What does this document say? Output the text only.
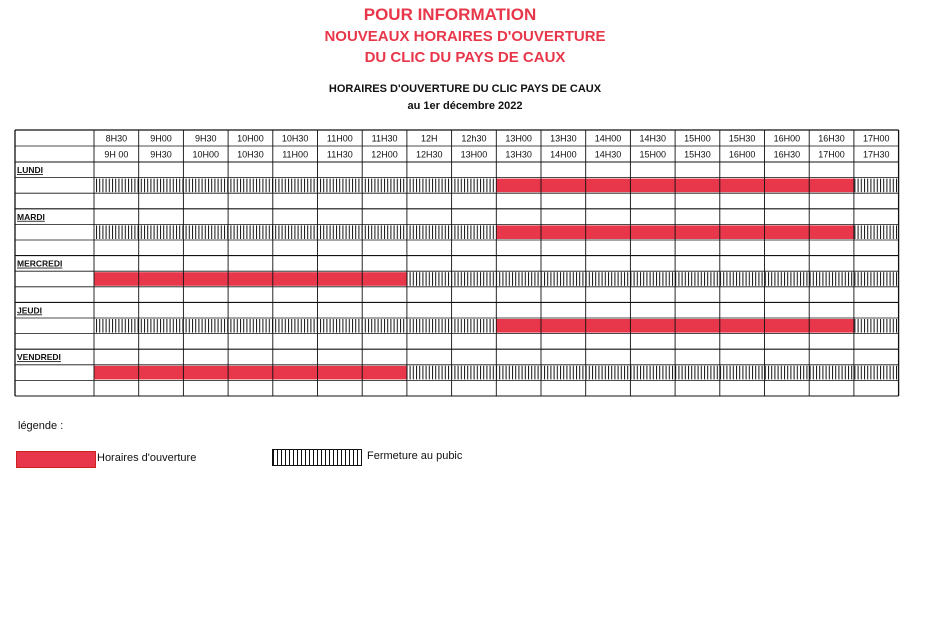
POUR INFORMATION
NOUVEAUX HORAIRES D'OUVERTURE
DU CLIC DU PAYS DE CAUX
HORAIRES D'OUVERTURE DU CLIC PAYS DE CAUX
au 1er décembre 2022
8H30
9H 00
9H00
9H30
9H30
10H00
10H00
10H30
10H30
11H00
11H00
11H30
11H30
12H00
12H
12H30
12h30
13H00
13H00
13H30
13H30
14H00
14H00
14H30
14H30
15H00
15H00
15H30
15H30
16H00
16H00
16H30
16H30
17H00
17H00
17H30
LUNDI
MARDI
MERCREDI
JEUDI
VENDREDI
légende :
Horaires d'ouverture	Fermeture au pubic
